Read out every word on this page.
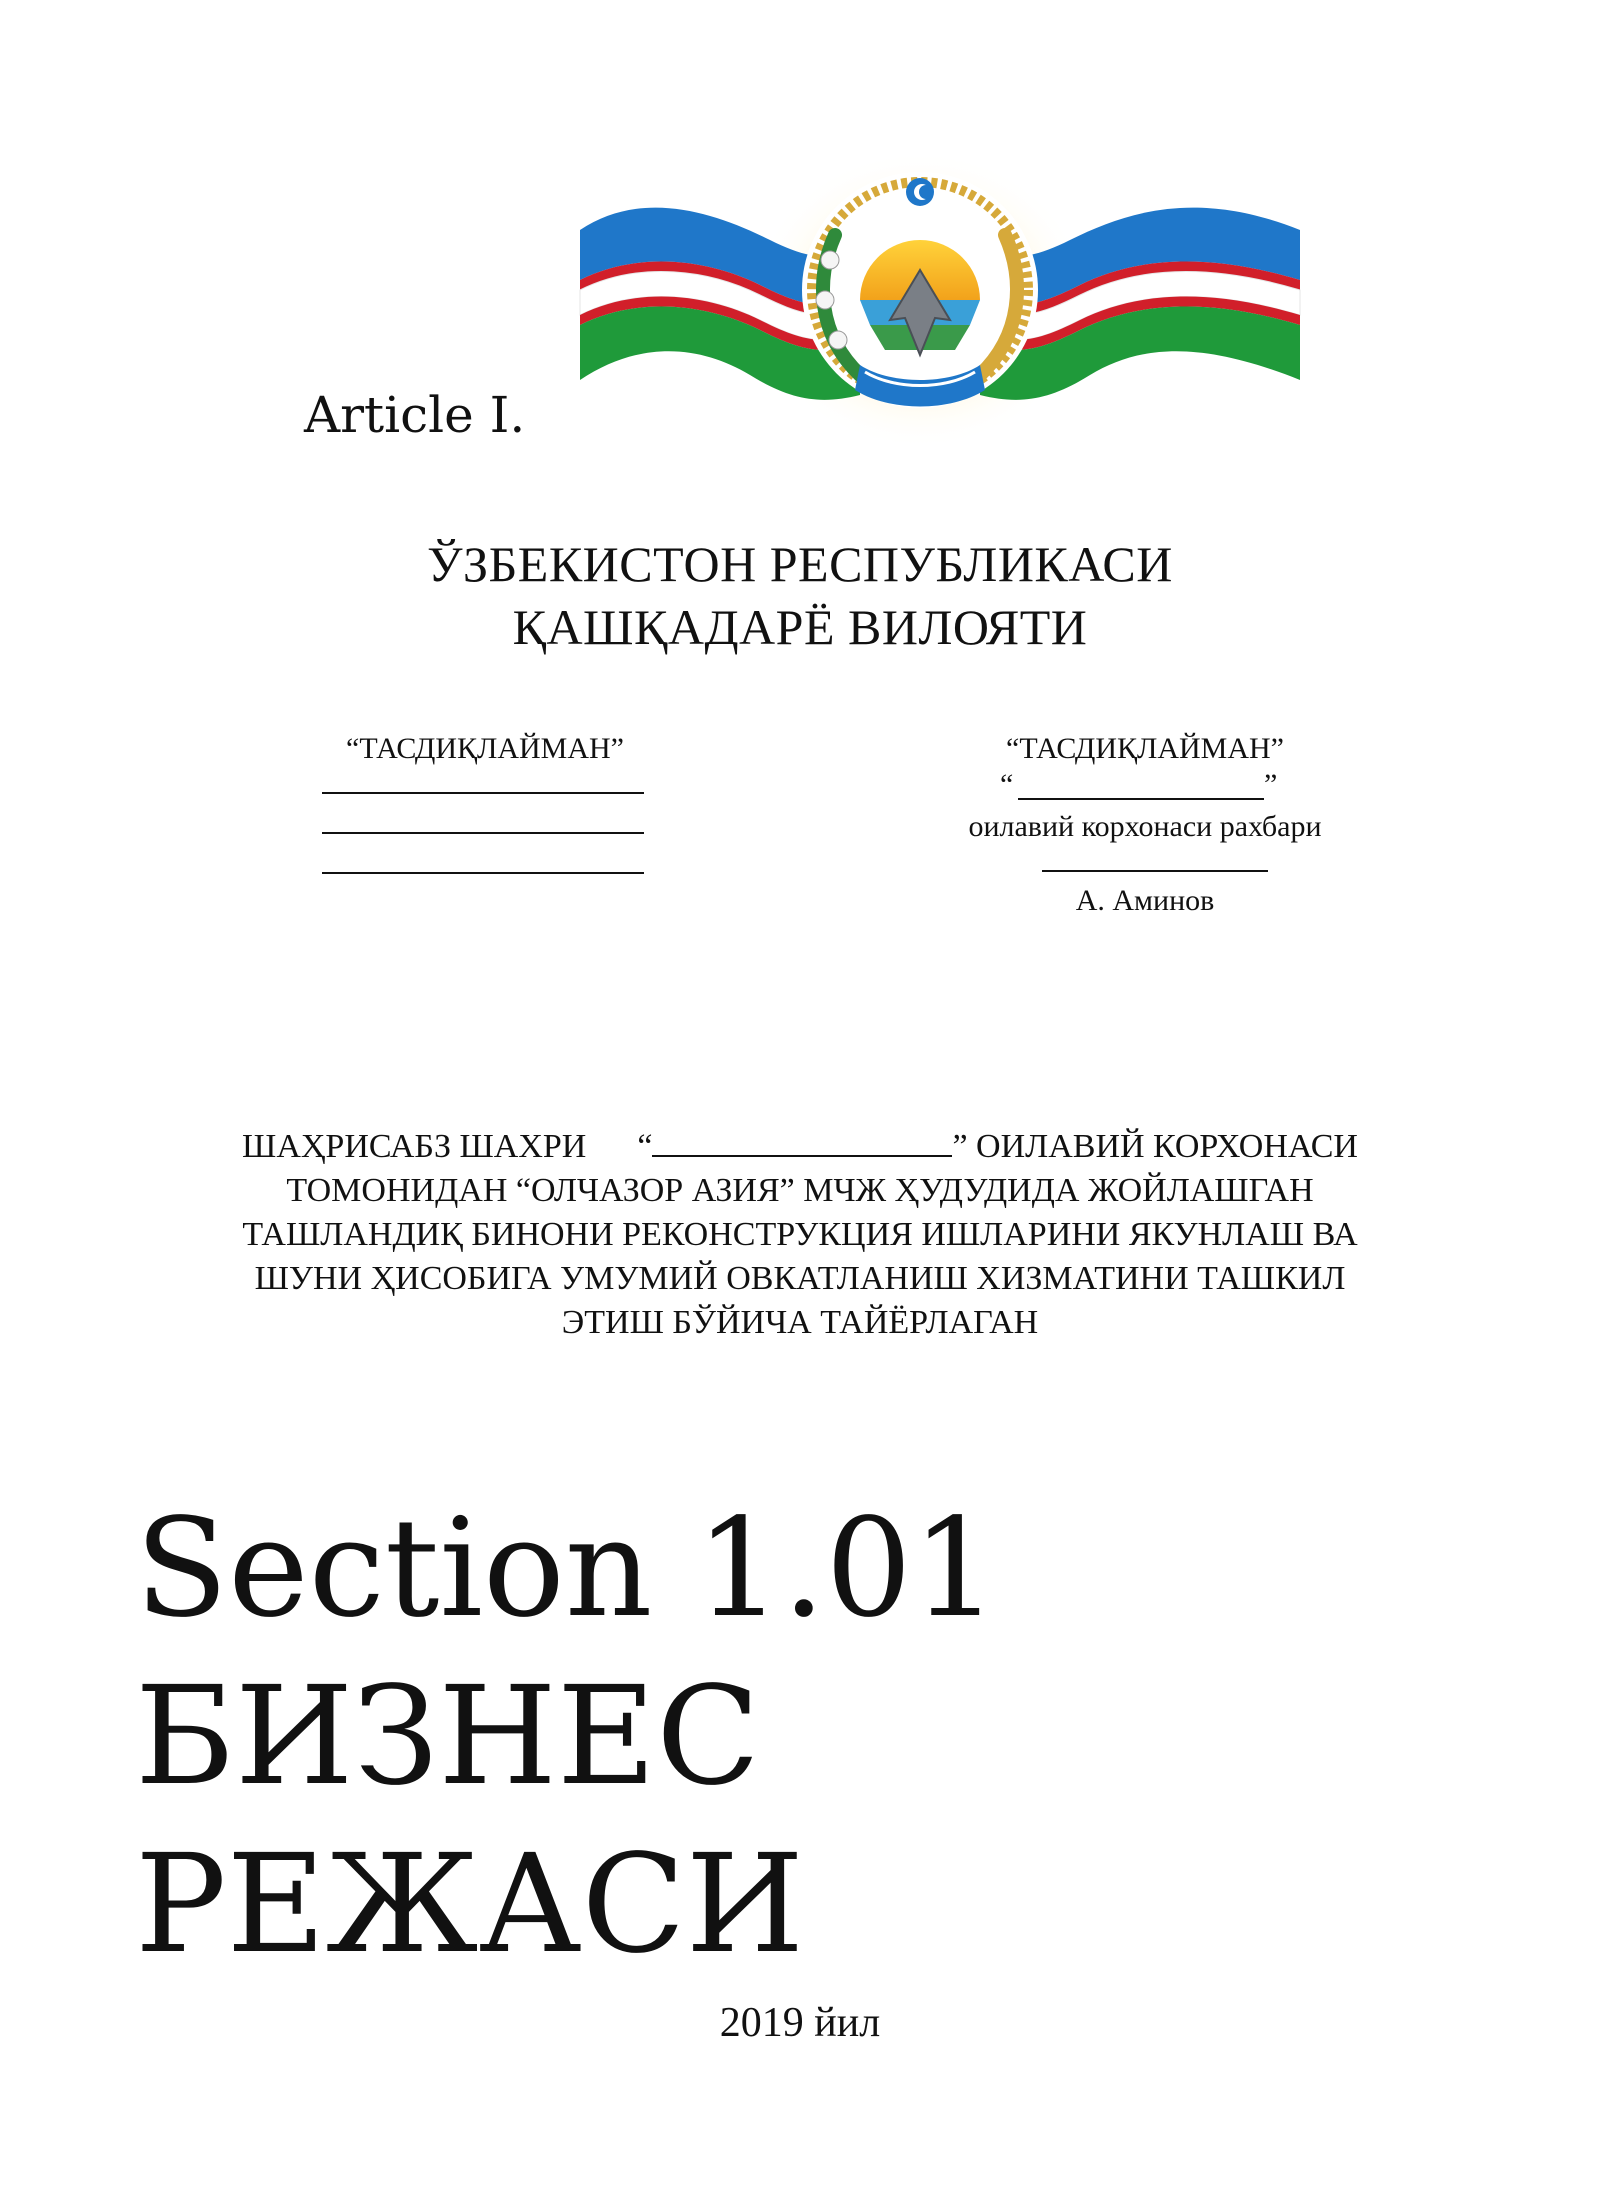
Article I.
ЎЗБЕКИСТОН РЕСПУБЛИКАСИ
ҚАШҚАДАРЁ ВИЛОЯТИ
“ТАСДИҚЛАЙМАН”	“ТАСДИҚЛАЙМАН”
“	”
оилавий корхонаси рахбари
А. Аминов
ШАҲРИСАБЗ ШАХРИ “	” ОИЛАВИЙ КОРХОНАСИ
ТОМОНИДАН “ОЛЧАЗОР АЗИЯ” МЧЖ ҲУДУДИДА ЖОЙЛАШГАН
ТАШЛАНДИҚ БИНОНИ РЕКОНСТРУКЦИЯ ИШЛАРИНИ ЯКУНЛАШ ВА
ШУНИ ҲИСОБИГА УМУМИЙ ОВКАТЛАНИШ ХИЗМАТИНИ ТАШКИЛ
ЭТИШ БЎЙИЧА ТАЙЁРЛАГАН
Section 1.01 БИЗНЕС
РЕЖАСИ
2019 йил
